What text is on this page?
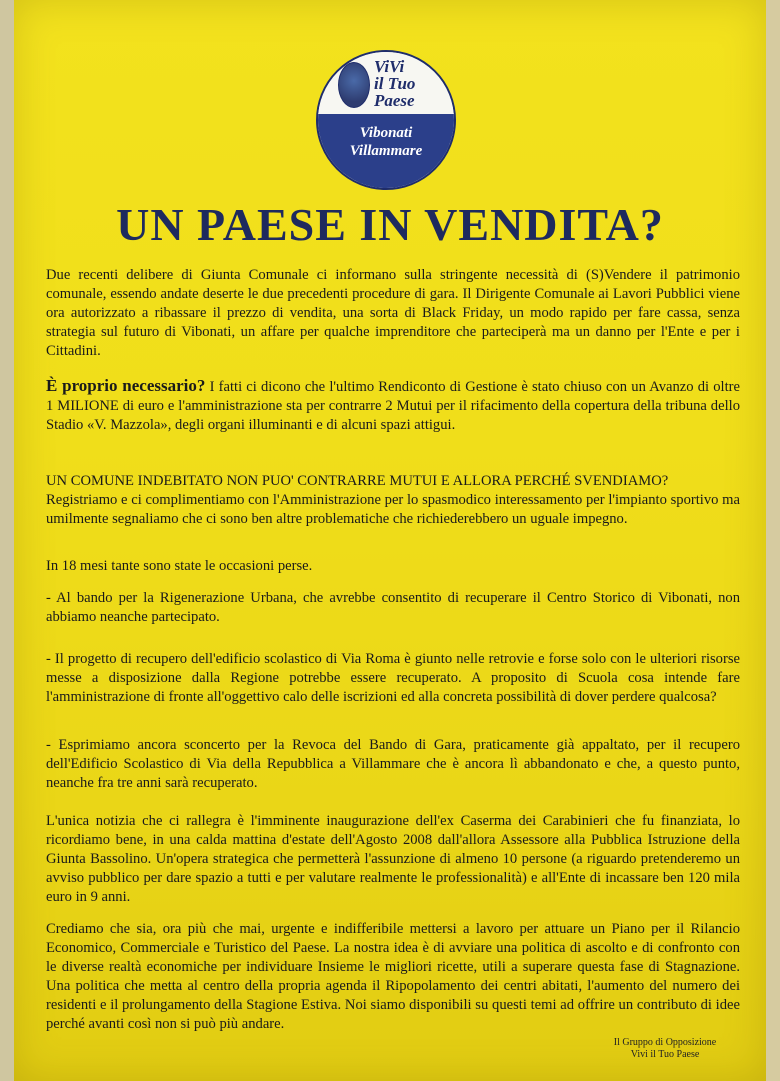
ViVi
il Tuo
Paese
Vibonati
Villammare
UN PAESE IN VENDITA?
Due recenti delibere di Giunta Comunale ci informano sulla stringente necessità di (S)Vendere il patrimonio comunale, essendo andate deserte le due precedenti procedure di gara. Il Dirigente Comunale ai Lavori Pubblici viene ora autorizzato a ribassare il prezzo di vendita, una sorta di Black Friday, un modo rapido per fare cassa, senza strategia sul futuro di Vibonati, un affare per qualche imprenditore che parteciperà ma un danno per l'Ente e per i Cittadini.
È proprio necessario? I fatti ci dicono che l'ultimo Rendiconto di Gestione è stato chiuso con un Avanzo di oltre 1 MILIONE di euro e l'amministrazione sta per contrarre 2 Mutui per il rifacimento della copertura della tribuna dello Stadio «V. Mazzola», degli organi illuminanti e di alcuni spazi attigui.
UN COMUNE INDEBITATO NON PUO' CONTRARRE MUTUI E ALLORA PERCHÉ SVENDIAMO?
Registriamo e ci complimentiamo con l'Amministrazione per lo spasmodico interessamento per l'impianto sportivo ma umilmente segnaliamo che ci sono ben altre problematiche che richiederebbero un uguale impegno.
In 18 mesi tante sono state le occasioni perse.
- Al bando per la Rigenerazione Urbana, che avrebbe consentito di recuperare il Centro Storico di Vibonati, non abbiamo neanche partecipato.
- Il progetto di recupero dell'edificio scolastico di Via Roma è giunto nelle retrovie e forse solo con le ulteriori risorse messe a disposizione dalla Regione potrebbe essere recuperato. A proposito di Scuola cosa intende fare l'amministrazione di fronte all'oggettivo calo delle iscrizioni ed alla concreta possibilità di dover perdere qualcosa?
- Esprimiamo ancora sconcerto per la Revoca del Bando di Gara, praticamente già appaltato, per il recupero dell'Edificio Scolastico di Via della Repubblica a Villammare che è ancora lì abbandonato e che, a questo punto, neanche fra tre anni sarà recuperato.
L'unica notizia che ci rallegra è l'imminente inaugurazione dell'ex Caserma dei Carabinieri che fu finanziata, lo ricordiamo bene, in una calda mattina d'estate dell'Agosto 2008 dall'allora Assessore alla Pubblica Istruzione della Giunta Bassolino. Un'opera strategica che permetterà l'assunzione di almeno 10 persone (a riguardo pretenderemo un avviso pubblico per dare spazio a tutti e per valutare realmente le professionalità) e all'Ente di incassare ben 120 mila euro in 9 anni.
Crediamo che sia, ora più che mai, urgente e indifferibile mettersi a lavoro per attuare un Piano per il Rilancio Economico, Commerciale e Turistico del Paese. La nostra idea è di avviare una politica di ascolto e di confronto con le diverse realtà economiche per individuare Insieme le migliori ricette, utili a superare questa fase di Stagnazione. Una politica che metta al centro della propria agenda il Ripopolamento dei centri abitati, l'aumento del numero dei residenti e il prolungamento della Stagione Estiva. Noi siamo disponibili su questi temi ad offrire un contributo di idee perché avanti così non si può più andare.
Il Gruppo di Opposizione
Vivi il Tuo Paese
